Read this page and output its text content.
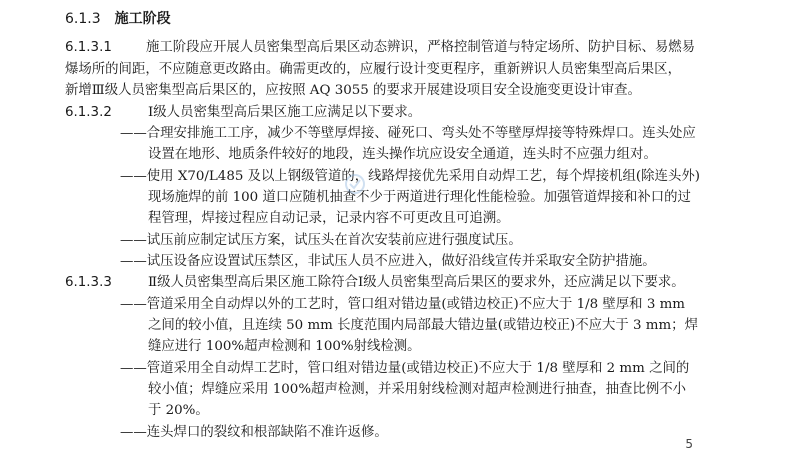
6.1.3 施工阶段
6.1.3.1	施工阶段应开展人员密集型高后果区动态辨识，严格控制管道与特定场所、防护目标、易燃易
爆场所的间距，不应随意更改路由。确需更改的，应履行设计变更程序，重新辨识人员密集型高后果区，
新增Ⅲ级人员密集型高后果区的，应按照 AQ 3055 的要求开展建设项目安全设施变更设计审查。
6.1.3.2	Ⅰ级人员密集型高后果区施工应满足以下要求。
——合理安排施工工序，减少不等壁厚焊接、碰死口、弯头处不等壁厚焊接等特殊焊口。连头处应
设置在地形、地质条件较好的地段，连头操作坑应设安全通道，连头时不应强力组对。
——使用 X70/L485 及以上钢级管道的，线路焊接优先采用自动焊工艺，每个焊接机组(除连头外)
现场施焊的前 100 道口应随机抽查不少于两道进行理化性能检验。加强管道焊接和补口的过
程管理，焊接过程应自动记录，记录内容不可更改且可追溯。
——试压前应制定试压方案，试压头在首次安装前应进行强度试压。
——试压设备应设置试压禁区，非试压人员不应进入，做好沿线宣传并采取安全防护措施。
6.1.3.3	Ⅱ级人员密集型高后果区施工除符合Ⅰ级人员密集型高后果区的要求外，还应满足以下要求。
——管道采用全自动焊以外的工艺时，管口组对错边量(或错边校正)不应大于 1/8 壁厚和 3 mm
之间的较小值，且连续 50 mm 长度范围内局部最大错边量(或错边校正)不应大于 3 mm；焊
缝应进行 100%超声检测和 100%射线检测。
——管道采用全自动焊工艺时，管口组对错边量(或错边校正)不应大于 1/8 壁厚和 2 mm 之间的
较小值；焊缝应采用 100%超声检测，并采用射线检测对超声检测进行抽查，抽查比例不小
于 20%。
——连头焊口的裂纹和根部缺陷不准许返修。
5
